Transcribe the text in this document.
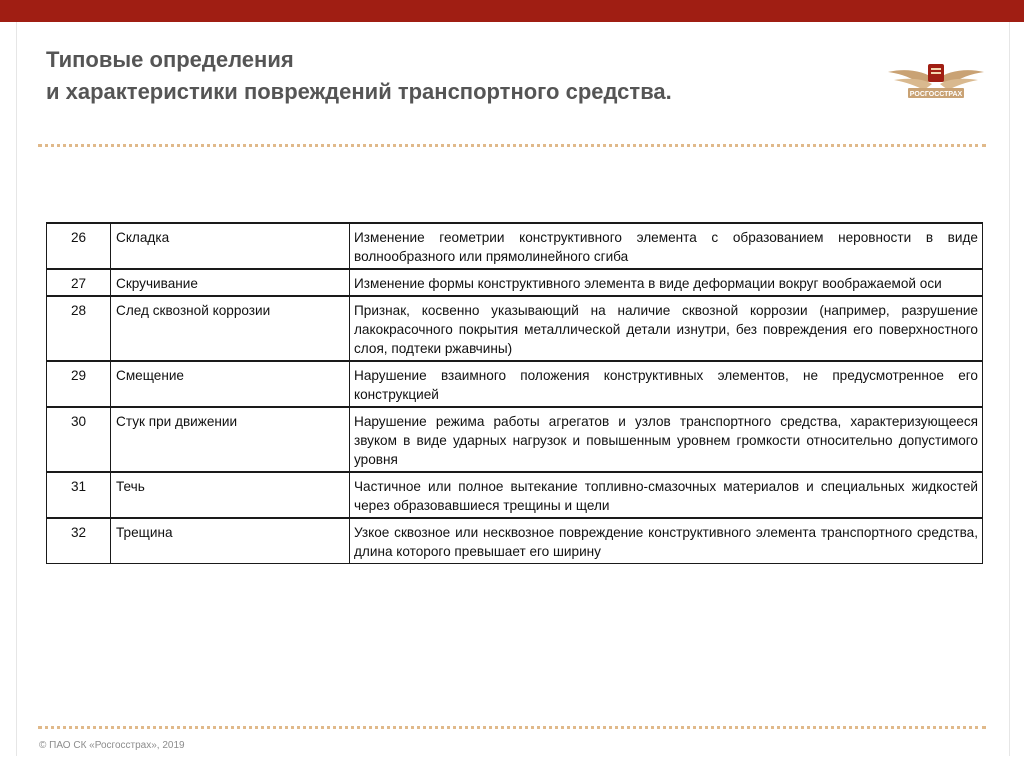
Типовые определения
и характеристики повреждений транспортного средства.	РОСГОССТРАХ
26	Складка	Изменение геометрии конструктивного элемента с образованием неровности в виде волнообразного или прямолинейного сгиба
27	Скручивание	Изменение формы конструктивного элемента в виде деформации вокруг воображаемой оси
28	След сквозной коррозии	Признак, косвенно указывающий на наличие сквозной коррозии (например, разрушение лакокрасочного покрытия металлической детали изнутри, без повреждения его поверхностного слоя, подтеки ржавчины)
29	Смещение	Нарушение взаимного положения конструктивных элементов, не предусмотренное его конструкцией
30	Стук при движении	Нарушение режима работы агрегатов и узлов транспортного средства, характеризующееся звуком в виде ударных нагрузок и повышенным уровнем громкости относительно допустимого уровня
31	Течь	Частичное или полное вытекание топливно-смазочных материалов и специальных жидкостей через образовавшиеся трещины и щели
32	Трещина	Узкое сквозное или несквозное повреждение конструктивного элемента транспортного средства, длина которого превышает его ширину
© ПАО СК «Росгосстрах», 2019
